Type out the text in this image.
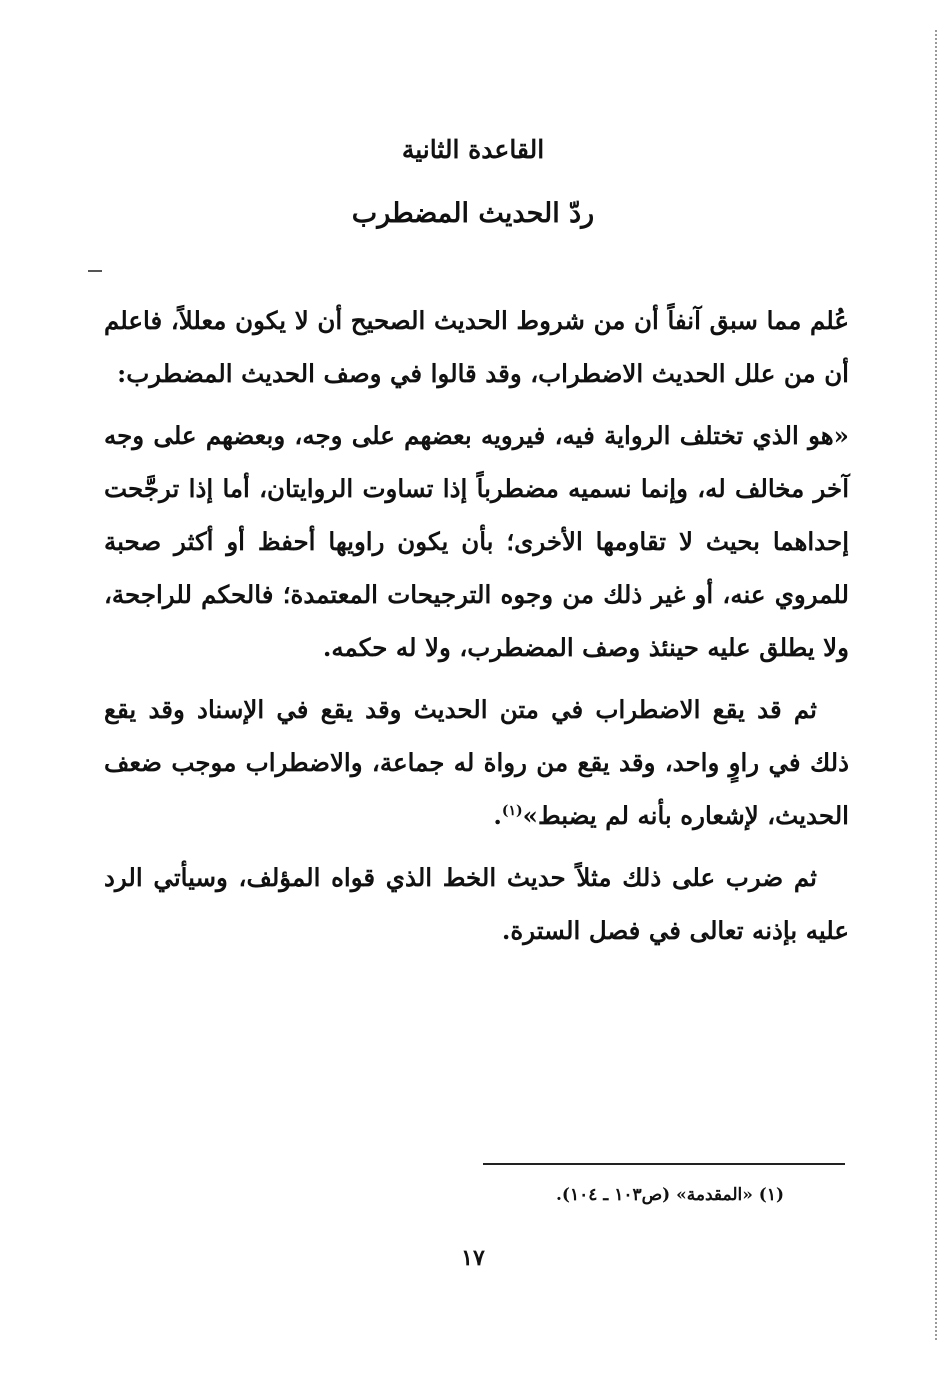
القاعدة الثانية
ردّ الحديث المضطرب

عُلم مما سبق آنفاً أن من شروط الحديث الصحيح أن لا يكون معللاً، فاعلم أن من علل الحديث الاضطراب، وقد قالوا في وصف الحديث المضطرب:

«هو الذي تختلف الرواية فيه، فيرويه بعضهم على وجه، وبعضهم على وجه آخر مخالف له، وإنما نسميه مضطرباً إذا تساوت الروايتان، أما إذا ترجَّحت إحداهما بحيث لا تقاومها الأخرى؛ بأن يكون راويها أحفظ أو أكثر صحبة للمروي عنه، أو غير ذلك من وجوه الترجيحات المعتمدة؛ فالحكم للراجحة، ولا يطلق عليه حينئذ وصف المضطرب، ولا له حكمه.

ثم قد يقع الاضطراب في متن الحديث وقد يقع في الإسناد وقد يقع ذلك في راوٍ واحد، وقد يقع من رواة له جماعة، والاضطراب موجب ضعف الحديث، لإشعاره بأنه لم يضبط»$^{(١)}$.

ثم ضرب على ذلك مثلاً حديث الخط الذي قواه المؤلف، وسيأتي الرد عليه بإذنه تعالى في فصل السترة.

(١) «المقدمة» (ص١٠٣ ـ ١٠٤).
١٧
